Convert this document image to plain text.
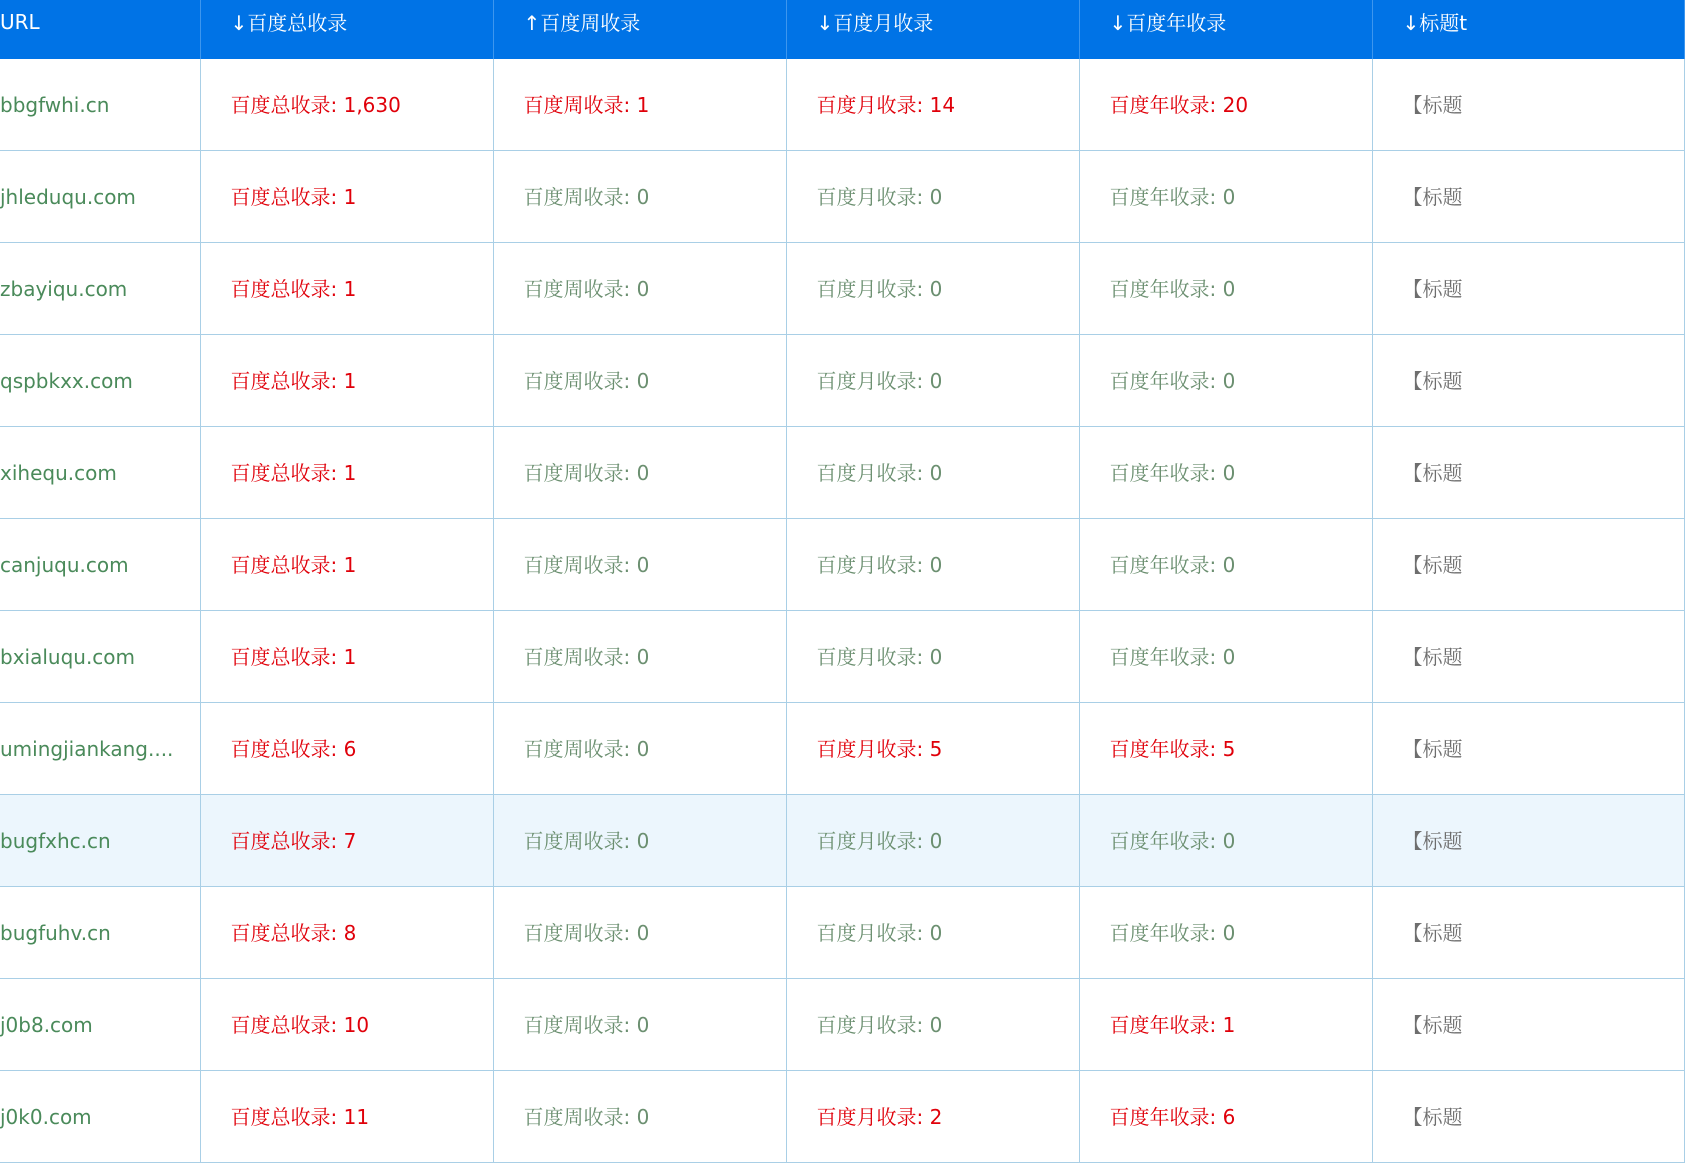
URL	↓百度总收录	↑百度周收录	↓百度月收录	↓百度年收录	↓标题t
bbgfwhi.cn	百度总收录: 1,630	百度周收录: 1	百度月收录: 14	百度年收录: 20	【标题
jhleduqu.com	百度总收录: 1	百度周收录: 0	百度月收录: 0	百度年收录: 0	【标题
zbayiqu.com	百度总收录: 1	百度周收录: 0	百度月收录: 0	百度年收录: 0	【标题
qspbkxx.com	百度总收录: 1	百度周收录: 0	百度月收录: 0	百度年收录: 0	【标题
xihequ.com	百度总收录: 1	百度周收录: 0	百度月收录: 0	百度年收录: 0	【标题
canjuqu.com	百度总收录: 1	百度周收录: 0	百度月收录: 0	百度年收录: 0	【标题
bxialuqu.com	百度总收录: 1	百度周收录: 0	百度月收录: 0	百度年收录: 0	【标题
umingjiankang....	百度总收录: 6	百度周收录: 0	百度月收录: 5	百度年收录: 5	【标题
bugfxhc.cn	百度总收录: 7	百度周收录: 0	百度月收录: 0	百度年收录: 0	【标题
bugfuhv.cn	百度总收录: 8	百度周收录: 0	百度月收录: 0	百度年收录: 0	【标题
j0b8.com	百度总收录: 10	百度周收录: 0	百度月收录: 0	百度年收录: 1	【标题
j0k0.com	百度总收录: 11	百度周收录: 0	百度月收录: 2	百度年收录: 6	【标题
